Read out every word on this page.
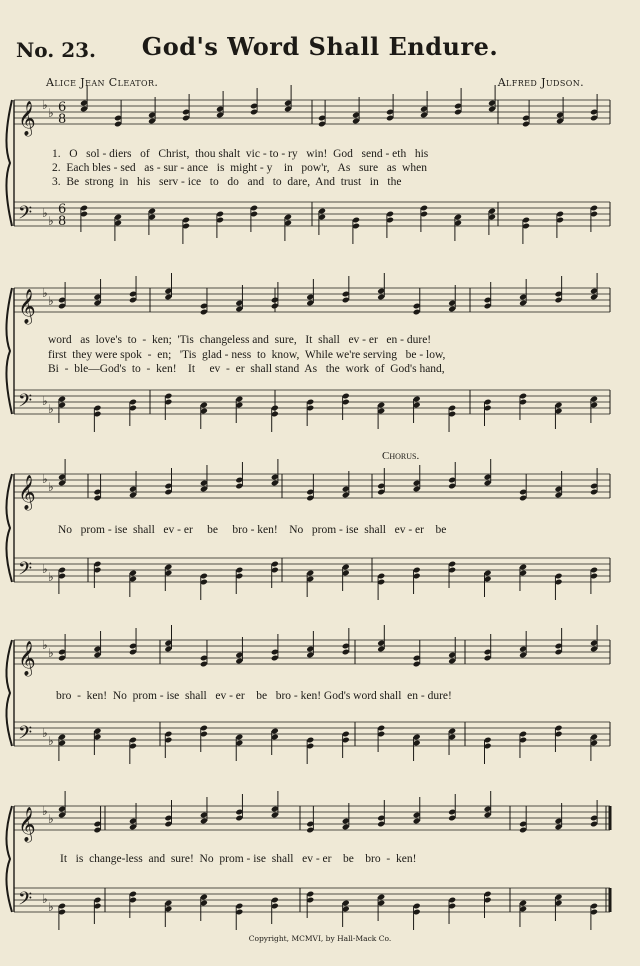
No. 23.	God's Word Shall Endure.
Alice Jean Cleator.	Alfred Judson.
𝄞
𝄢
♭
♭
♭
♭
6
8
6
8
𝄞
𝄢
♭
♭
♭
♭
𝄞
𝄢
♭
♭
♭
♭
𝄞
𝄢
♭
♭
♭
♭
𝄞
𝄢
♭
♭
♭
♭
1.   O   sol - diers   of   Christ,  thou shalt  vic - to - ry   win!  God   send - eth   his
2.  Each bles - sed   as - sur - ance   is  might - y    in   pow'r,   As   sure   as  when
3.  Be  strong  in   his   serv - ice   to   do   and   to  dare,  And  trust   in   the
word   as  love's  to  -  ken;  'Tis  changeless and  sure,   It  shall   ev - er   en - dure!
first  they were spok  -  en;   'Tis  glad - ness  to  know,  While we're serving   be - low,
Bi  -  ble—God's  to  -  ken!    It     ev  -  er  shall stand  As   the  work  of  God's hand,
Chorus.
No   prom - ise  shall   ev - er     be     bro - ken!    No   prom - ise  shall   ev - er    be
bro  -  ken!  No  prom - ise  shall   ev - er    be   bro - ken! God's word shall  en - dure!
It   is  change-less  and  sure!  No  prom - ise  shall   ev - er    be    bro  -  ken!
Copyright, MCMVI, by Hall-Mack Co.
